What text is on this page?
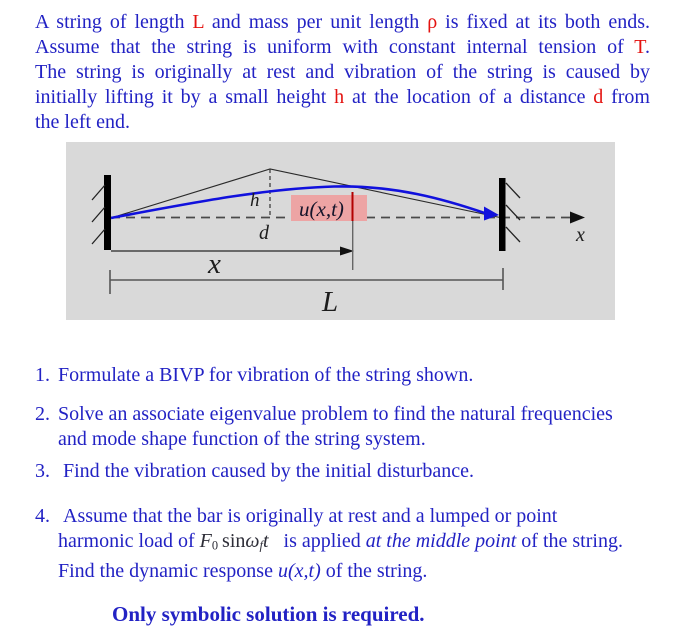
A string of length L and mass per unit length ρ is fixed at its both ends.
Assume that the string is uniform with constant internal tension of T.
The string is originally at rest and vibration of the string is caused by
initially lifting it by a small height h at the location of a distance d from
the left end.
x
h
d
u(x,t)
x
L
1. Formulate a BIVP for vibration of the string shown.
2. Solve an associate eigenvalue problem to find the natural frequencies
and mode shape function of the string system.
3. Find the vibration caused by the initial disturbance.
4. Assume that the bar is originally at rest and a lumped or point
harmonic load of $F_0$ sinω$_f$t   is applied at the middle point of the string.
Find the dynamic response u(x,t) of the string.
Only symbolic solution is required.
